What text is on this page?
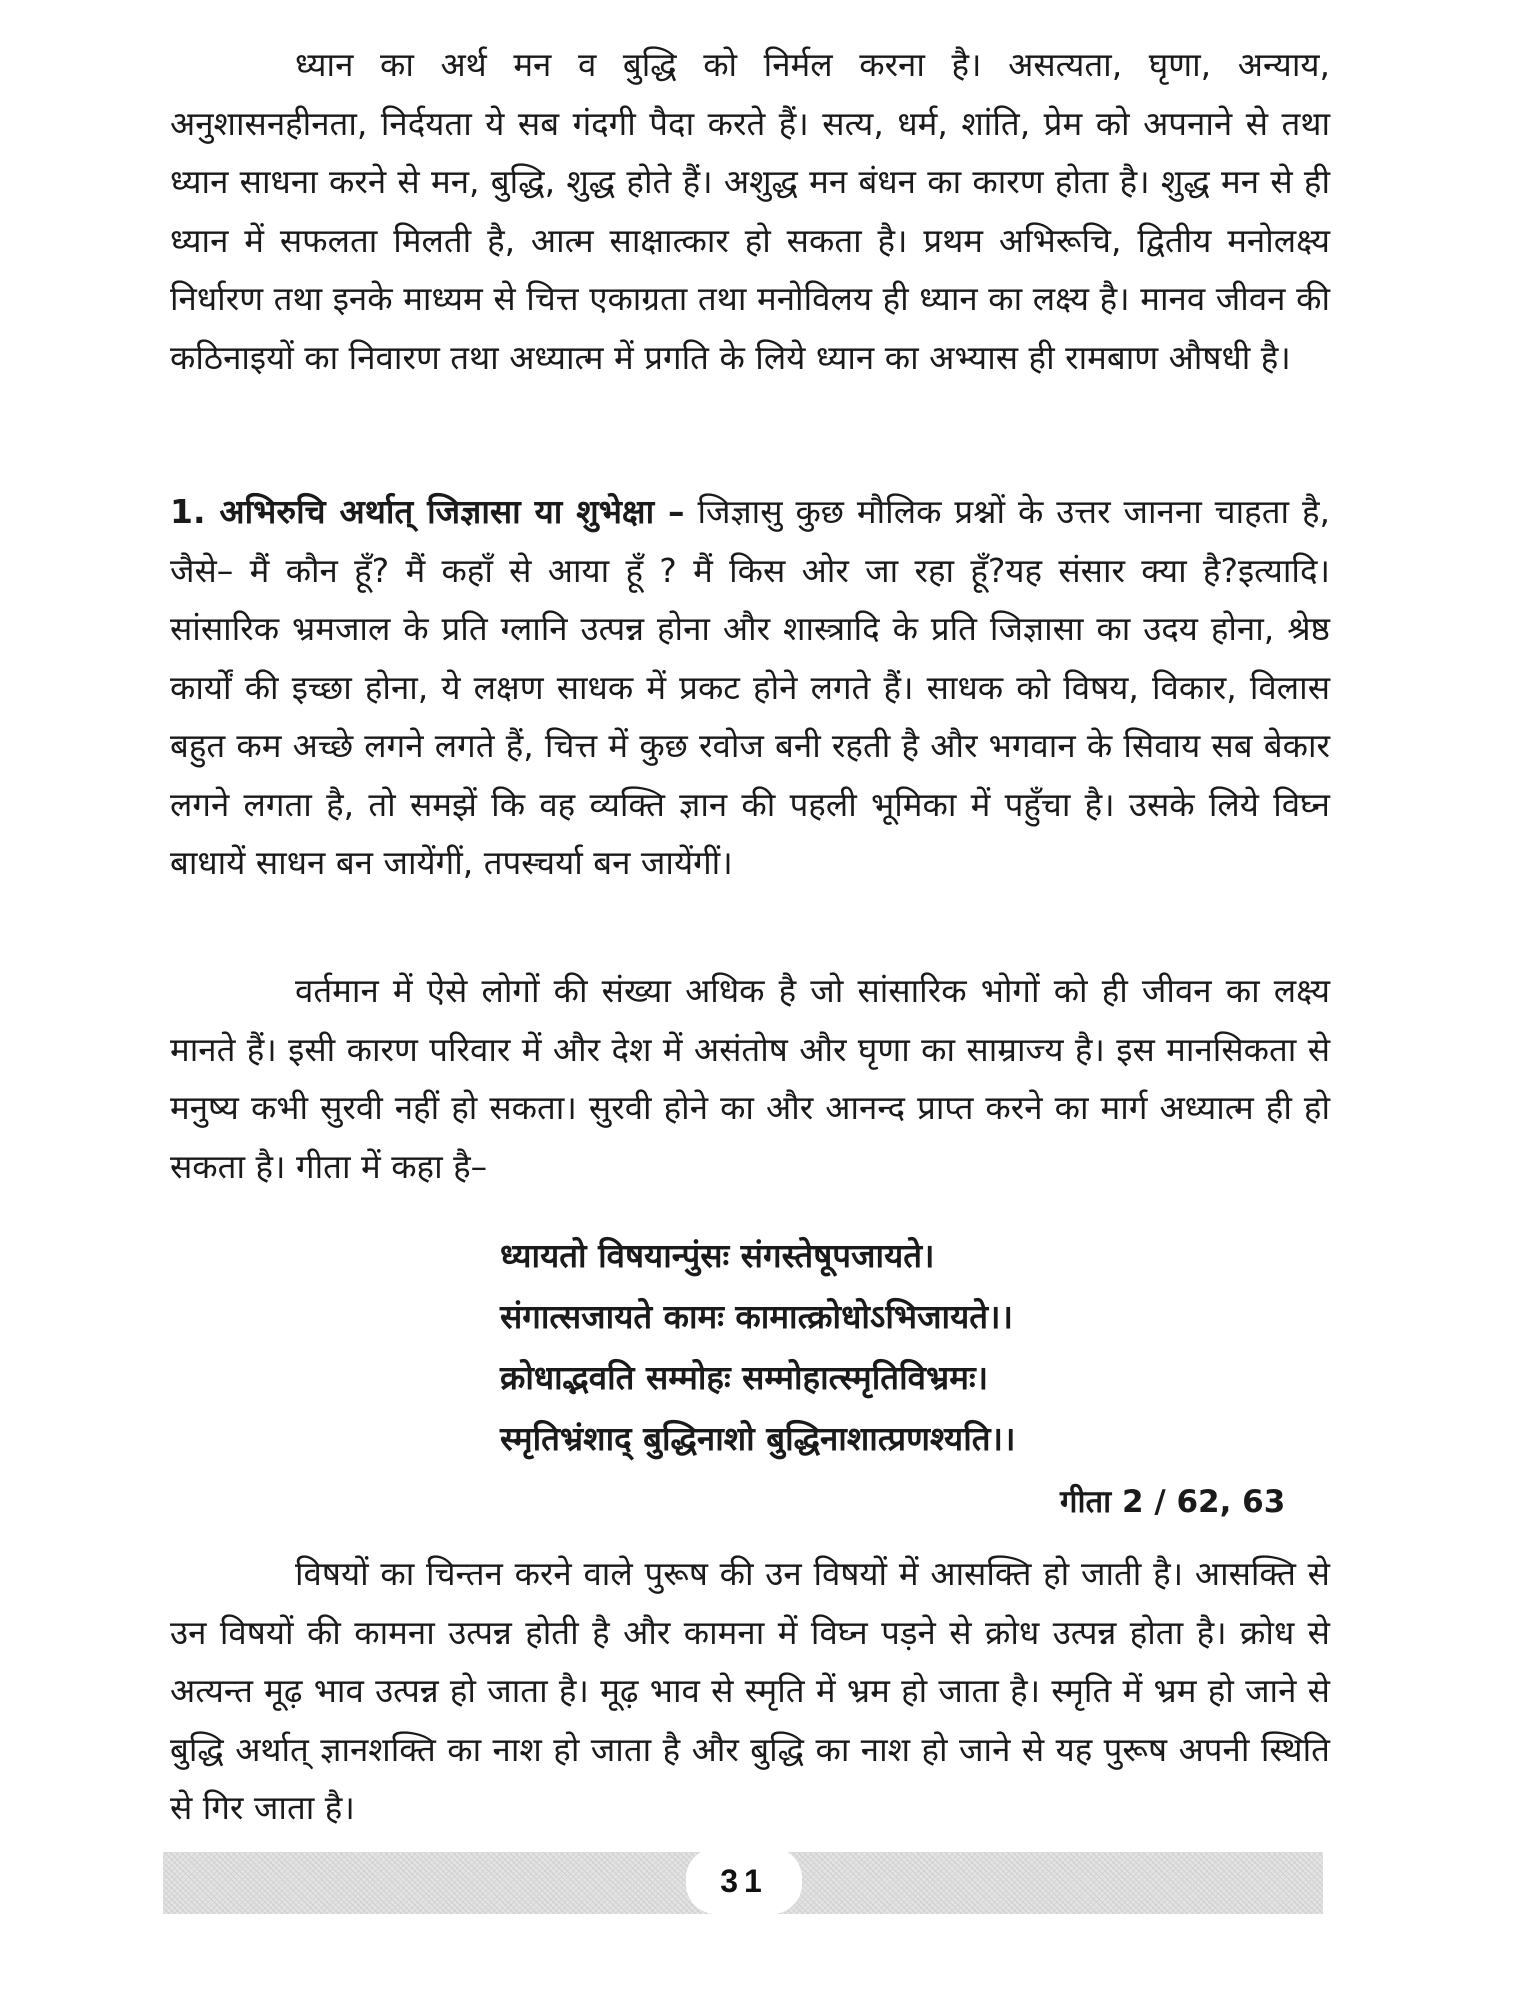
ध्यान का अर्थ मन व बुद्धि को निर्मल करना है। असत्यता, घृणा, अन्याय, अनुशासनहीनता, निर्दयता ये सब गंदगी पैदा करते हैं। सत्य, धर्म, शांति, प्रेम को अपनाने से तथा ध्यान साधना करने से मन, बुद्धि, शुद्ध होते हैं। अशुद्ध मन बंधन का कारण होता है। शुद्ध मन से ही ध्यान में सफलता मिलती है, आत्म साक्षात्कार हो सकता है। प्रथम अभिरूचि, द्वितीय मनोलक्ष्य निर्धारण तथा इनके माध्यम से चित्त एकाग्रता तथा मनोविलय ही ध्यान का लक्ष्य है। मानव जीवन की कठिनाइयों का निवारण तथा अध्यात्म में प्रगति के लिये ध्यान का अभ्यास ही रामबाण औषधी है।

1. अभिरुचि अर्थात् जिज्ञासा या शुभेक्षा – जिज्ञासु कुछ मौलिक प्रश्नों के उत्तर जानना चाहता है, जैसे– मैं कौन हूँ? मैं कहाँ से आया हूँ ? मैं किस ओर जा रहा हूँ?यह संसार क्या है?इत्यादि। सांसारिक भ्रमजाल के प्रति ग्लानि उत्पन्न होना और शास्त्रादि के प्रति जिज्ञासा का उदय होना, श्रेष्ठ कार्यों की इच्छा होना, ये लक्षण साधक में प्रकट होने लगते हैं। साधक को विषय, विकार, विलास बहुत कम अच्छे लगने लगते हैं, चित्त में कुछ रवोज बनी रहती है और भगवान के सिवाय सब बेकार लगने लगता है, तो समझें कि वह व्यक्ति ज्ञान की पहली भूमिका में पहुँचा है। उसके लिये विघ्न बाधायें साधन बन जायेंगीं, तपस्चर्या बन जायेंगीं।

वर्तमान में ऐसे लोगों की संख्या अधिक है जो सांसारिक भोगों को ही जीवन का लक्ष्य मानते हैं। इसी कारण परिवार में और देश में असंतोष और घृणा का साम्राज्य है। इस मानसिकता से मनुष्य कभी सुरवी नहीं हो सकता। सुरवी होने का और आनन्द प्राप्त करने का मार्ग अध्यात्म ही हो सकता है। गीता में कहा है–

ध्यायतो विषयान्पुंसः संगस्तेषूपजायते।
संगात्सजायते कामः कामात्क्रोधोऽभिजायते।।
क्रोधाद्भवति सम्मोहः सम्मोहात्स्मृतिविभ्रमः।
स्मृतिभ्रंशाद् बुद्धिनाशो बुद्धिनाशात्प्रणश्यति।।
गीता 2 / 62, 63

विषयों का चिन्तन करने वाले पुरूष की उन विषयों में आसक्ति हो जाती है। आसक्ति से उन विषयों की कामना उत्पन्न होती है और कामना में विघ्न पड़ने से क्रोध उत्पन्न होता है। क्रोध से अत्यन्त मूढ़ भाव उत्पन्न हो जाता है। मूढ़ भाव से स्मृति में भ्रम हो जाता है। स्मृति में भ्रम हो जाने से बुद्धि अर्थात् ज्ञानशक्ति का नाश हो जाता है और बुद्धि का नाश हो जाने से यह पुरूष अपनी स्थिति से गिर जाता है।

31
